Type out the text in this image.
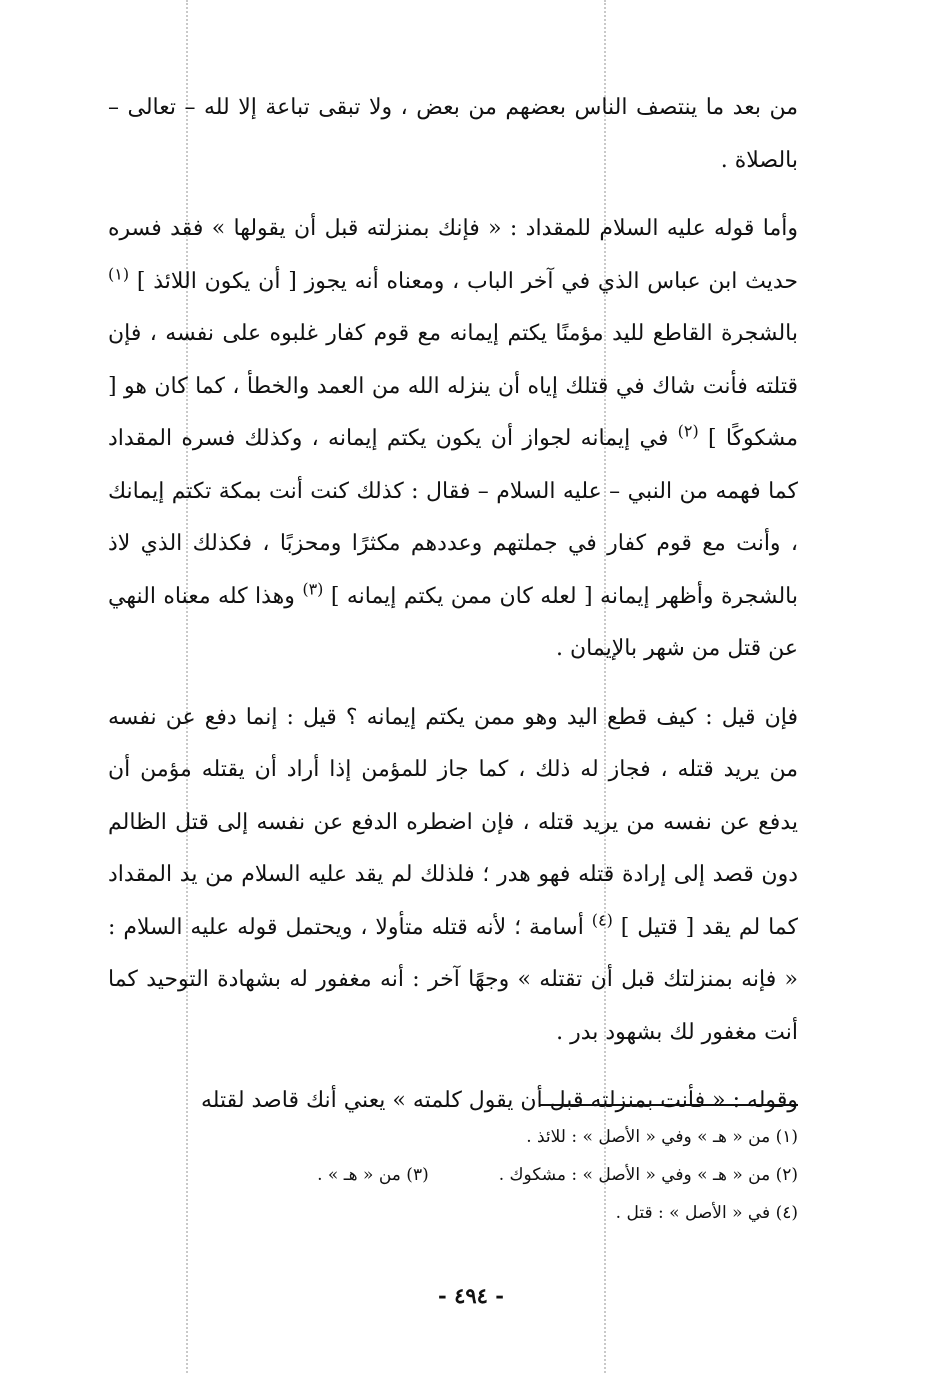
من بعد ما ينتصف الناس بعضهم من بعض ، ولا تبقى تباعة إلا لله – تعالى – بالصلاة .

وأما قوله عليه السلام للمقداد : « فإنك بمنزلته قبل أن يقولها » فقد فسره حديث ابن عباس الذي في آخر الباب ، ومعناه أنه يجوز [ أن يكون اللائذ ] $^{(١)}$ بالشجرة القاطع لليد مؤمنًا يكتم إيمانه مع قوم كفار غلبوه على نفسه ، فإن قتلته فأنت شاك في قتلك إياه أن ينزله الله من العمد والخطأ ، كما كان هو [ مشكوكًا ] $^{(٢)}$ في إيمانه لجواز أن يكون يكتم إيمانه ، وكذلك فسره المقداد كما فهمه من النبي – عليه السلام – فقال : كذلك كنت أنت بمكة تكتم إيمانك ، وأنت مع قوم كفار في جملتهم وعددهم مكثرًا ومحزبًا ، فكذلك الذي لاذ بالشجرة وأظهر إيمانه [ لعله كان ممن يكتم إيمانه ] $^{(٣)}$ وهذا كله معناه النهي عن قتل من شهر بالإيمان .

فإن قيل : كيف قطع اليد وهو ممن يكتم إيمانه ؟ قيل : إنما دفع عن نفسه من يريد قتله ، فجاز له ذلك ، كما جاز للمؤمن إذا أراد أن يقتله مؤمن أن يدفع عن نفسه من يريد قتله ، فإن اضطره الدفع عن نفسه إلى قتل الظالم دون قصد إلى إرادة قتله فهو هدر ؛ فلذلك لم يقد عليه السلام من يد المقداد كما لم يقد [ قتيل ] $^{(٤)}$ أسامة ؛ لأنه قتله متأولا ، ويحتمل قوله عليه السلام : « فإنه بمنزلتك قبل أن تقتله » وجهًا آخر : أنه مغفور له بشهادة التوحيد كما أنت مغفور لك بشهود بدر .

وقوله : « فأنت بمنزلته قبل أن يقول كلمته » يعني أنك قاصد لقتله

(١) من « هـ » وفي « الأصل » : للائذ .
(٢) من « هـ » وفي « الأصل » : مشكوك .
(٣) من « هـ » .
(٤) في « الأصل » : قتل .
- ٤٩٤ -
